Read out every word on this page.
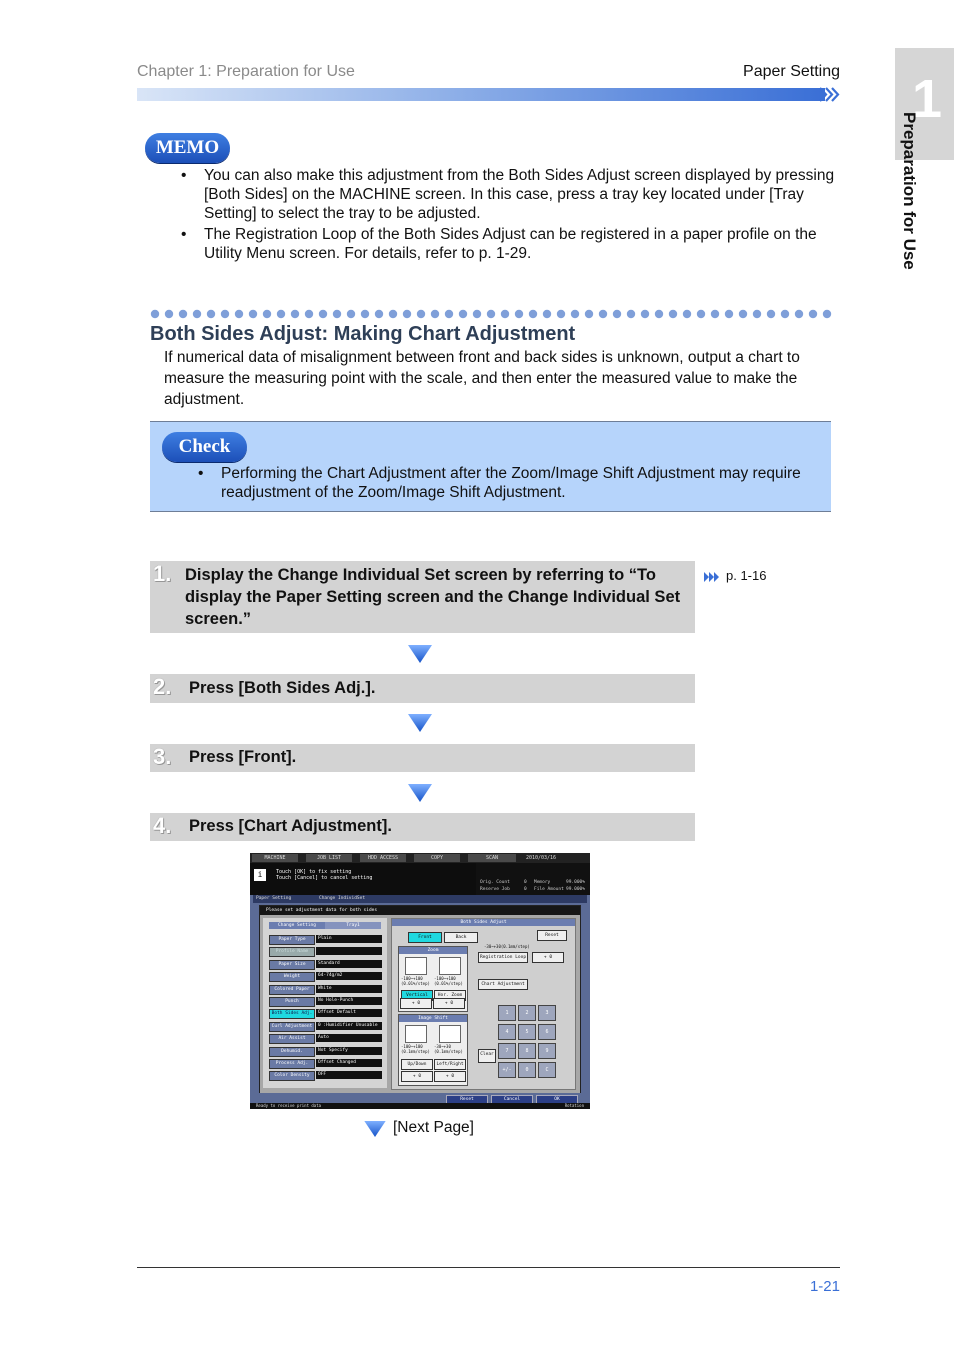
Chapter 1: Preparation for Use	Paper Setting 1
Preparation for Use
MEMO
• You can also make this adjustment from the Both Sides Adjust screen displayed by pressing [Both Sides] on the MACHINE screen. In this case, press a tray key located under [Tray Setting] to select the tray to be adjusted.
• The Registration Loop of the Both Sides Adjust can be registered in a paper profile on the Utility Menu screen. For details, refer to p. 1-29.
Both Sides Adjust: Making Chart Adjustment
If numerical data of misalignment between front and back sides is unknown, output a chart to measure the measuring point with the scale, and then enter the measured value to make the adjustment.
Check
• Performing the Chart Adjustment after the Zoom/Image Shift Adjustment may require readjustment of the Zoom/Image Shift Adjustment.
1. Display the Change Individual Set screen by referring to “To display the Paper Setting screen and the Change Individual Set screen.”
p. 1-16
2. Press [Both Sides Adj.].
3. Press [Front].
4. Press [Chart Adjustment].
MACHINE	JOB LIST	HDD ACCESS	COPY	SCAN	2010/03/16
i	Touch [OK] to fix setting
Touch [Cancel] to cancel setting
Orig. Count	0 Memory	99.000%
Reserve Job	0 File Amount 99.000%
Paper Setting	Change IndividSet
Please set adjustment data for both sides
Change Setting	Tray1
Paper Type	Plain
Profile Name
Paper Size	Standard
Weight	64-74g/m2
Colored Paper	White
Punch	No Hole-Punch
Both Sides Adj.	Offset Default
Curl Adjustment	0 :Humidifier Unusable
Air Assist	Auto
Dehumid.	Not Specify
Process Adj.	Offset Changed
Color Density	OFF
Both Sides Adjust
Front	Back	Reset
Zoom
-100~+100 (0.01%/step)
-100~+100 (0.01%/step)
Vertical	Hor. Zoom
-30~+30(0.1mm/step)
Registration Loop	+ 0
Chart Adjustment
Image Shift
-100~+100 (0.1mm/step)
-30~+30 (0.1mm/step)
Up/Down	Left/Right
+ 0	+ 0
+ 0	+ 0
1	2	3
4	5	6
7	8	9
+/-	0	C
Clear
Reset	Cancel	OK
Ready to receive print data	Rotation
[Next Page]
1-21
